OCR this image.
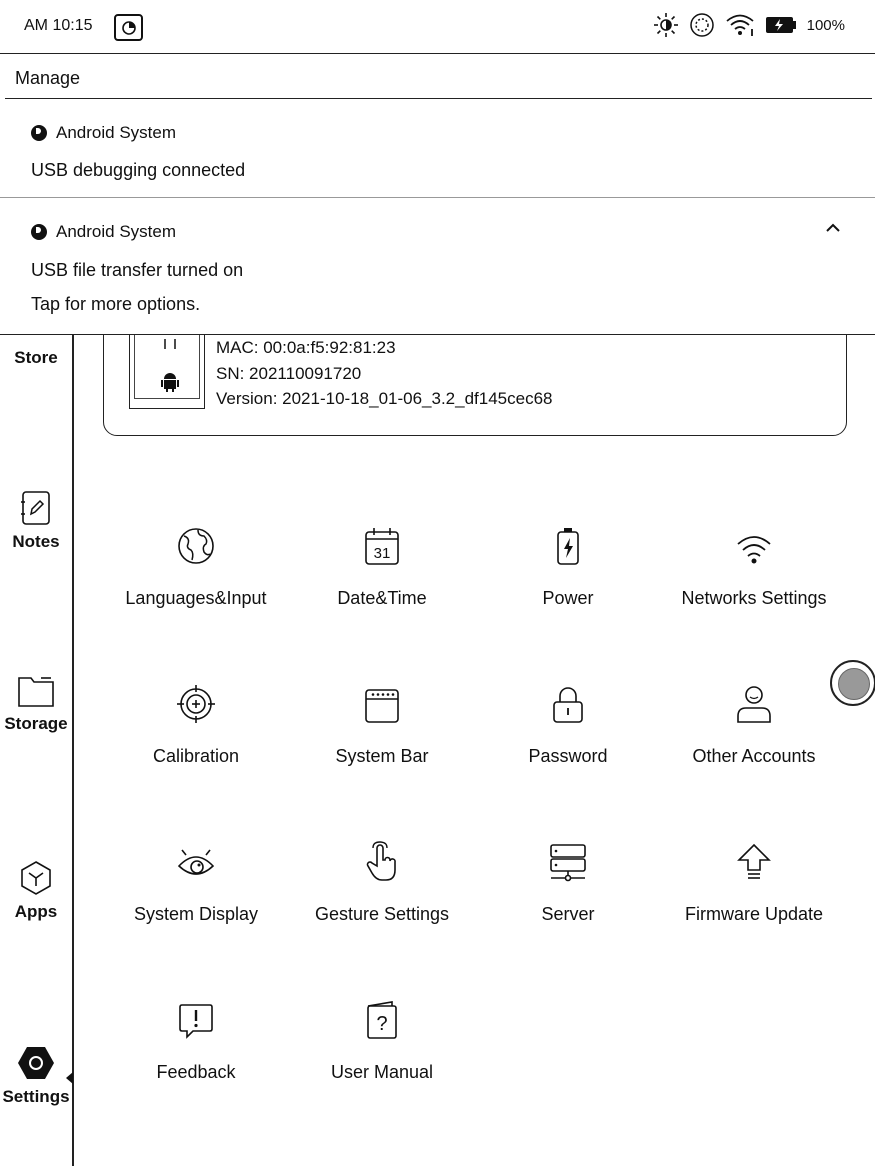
AM 10:15	100%
Store
Notes
Storage
Apps
Settings
MAC: 00:0a:f5:92:81:23
SN: 202110091720
Version: 2021-10-18_01-06_3.2_df145cec68
Languages&Input
31
Date&Time	Power	Networks Settings
Calibration	System Bar	Password	Other Accounts
System Display	Gesture Settings	Server	Firmware Update
Feedback
?
User Manual
Manage
Android System
USB debugging connected
Android System
USB file transfer turned on
Tap for more options.
